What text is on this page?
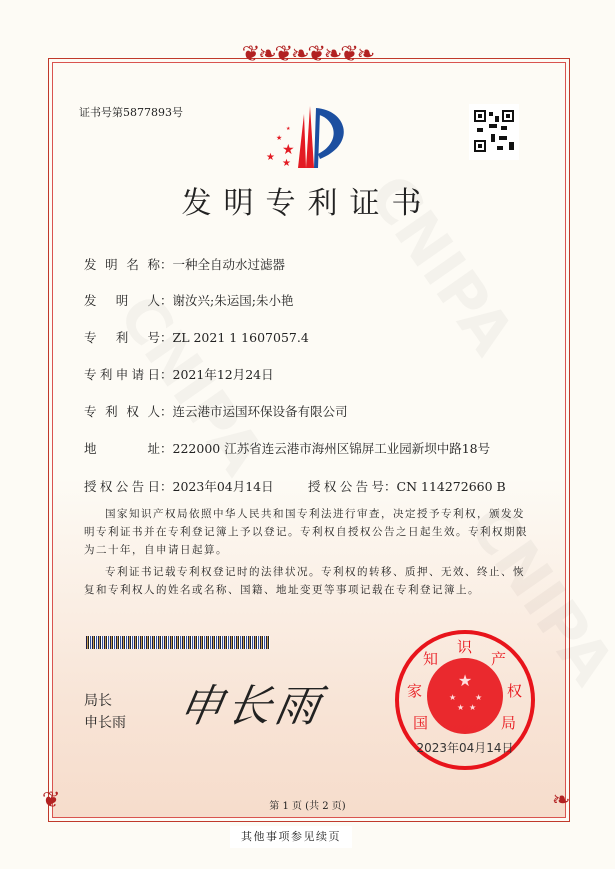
❦❧❦❧❦❧❦❧
❦	❧
证书号第5877893号
★
★
★
★
★
发明专利证书
发明名称：一种全自动水过滤器
发明人：谢汝兴;朱运国;朱小艳
专利号：ZL 2021 1 1607057.4
专利申请日：2021年12月24日
专利权人：连云港市运国环保设备有限公司
地址：222000 江苏省连云港市海州区锦屏工业园新坝中路18号
授权公告日：2023年04月14日	授权公告号：CN 114272660 B

国家知识产权局依照中华人民共和国专利法进行审查，决定授予专利权，颁发发明专利证书并在专利登记簿上予以登记。专利权自授权公告之日起生效。专利权期限为二十年，自申请日起算。

专利证书记载专利权登记时的法律状况。专利权的转移、质押、无效、终止、恢复和专利权人的姓名或名称、国籍、地址变更等事项记载在专利登记簿上。

局长
申长雨 申长雨
★
★ ★
★ ★
国
家
知
识
产
权
局
2023年04月14日
第 1 页 (共 2 页)
其他事项参见续页
